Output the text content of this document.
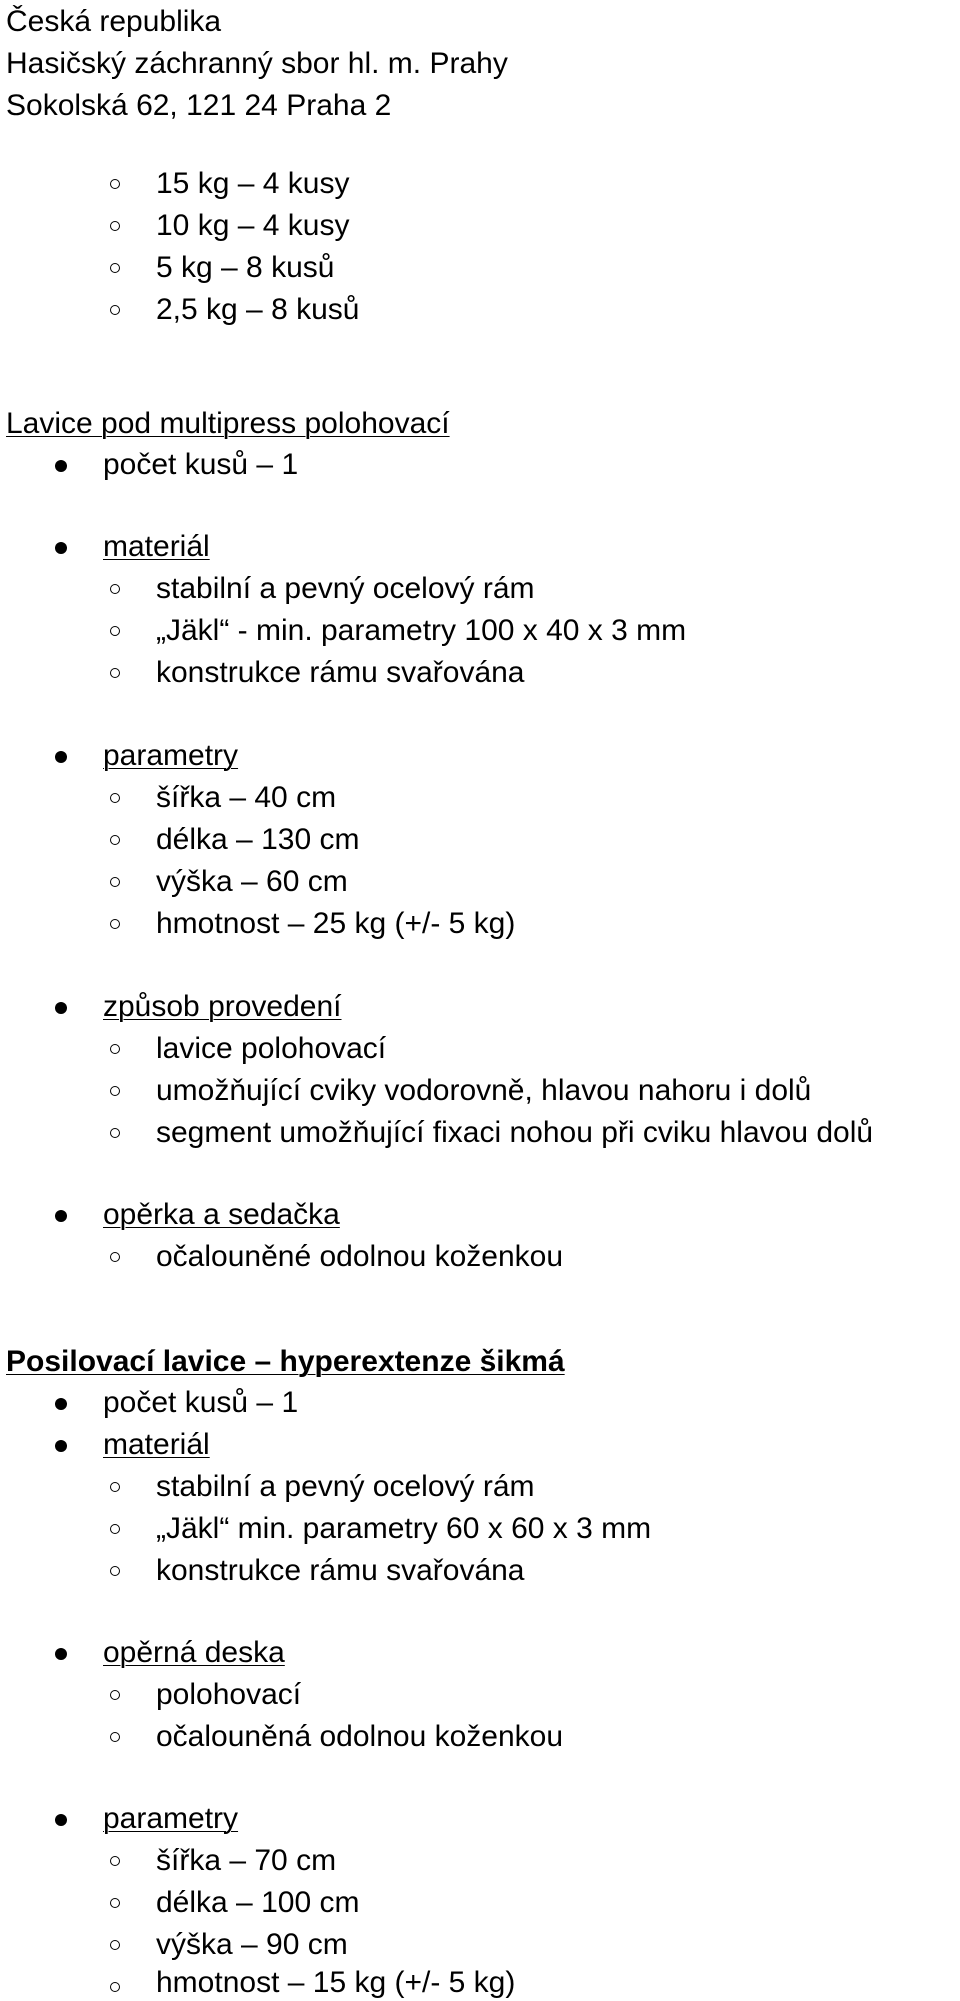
Česká republika
Hasičský záchranný sbor hl. m. Prahy
Sokolská 62, 121 24 Praha 2
15 kg – 4 kusy
10 kg – 4 kusy
5 kg – 8 kusů
2,5 kg – 8 kusů
Lavice pod multipress polohovací
počet kusů – 1
materiál
stabilní a pevný ocelový rám
„Jäkl“ - min. parametry 100 x 40 x 3 mm
konstrukce rámu svařována
parametry
šířka – 40 cm
délka – 130 cm
výška – 60 cm
hmotnost – 25 kg (+/- 5 kg)
způsob provedení
lavice polohovací
umožňující cviky vodorovně, hlavou nahoru i dolů
segment umožňující fixaci nohou při cviku hlavou dolů
opěrka a sedačka
očalouněné odolnou koženkou
Posilovací lavice – hyperextenze šikmá
počet kusů – 1
materiál
stabilní a pevný ocelový rám
„Jäkl“ min. parametry 60 x 60 x 3 mm
konstrukce rámu svařována
opěrná deska
polohovací
očalouněná odolnou koženkou
parametry
šířka – 70 cm
délka – 100 cm
výška – 90 cm
hmotnost – 15 kg (+/- 5 kg)
